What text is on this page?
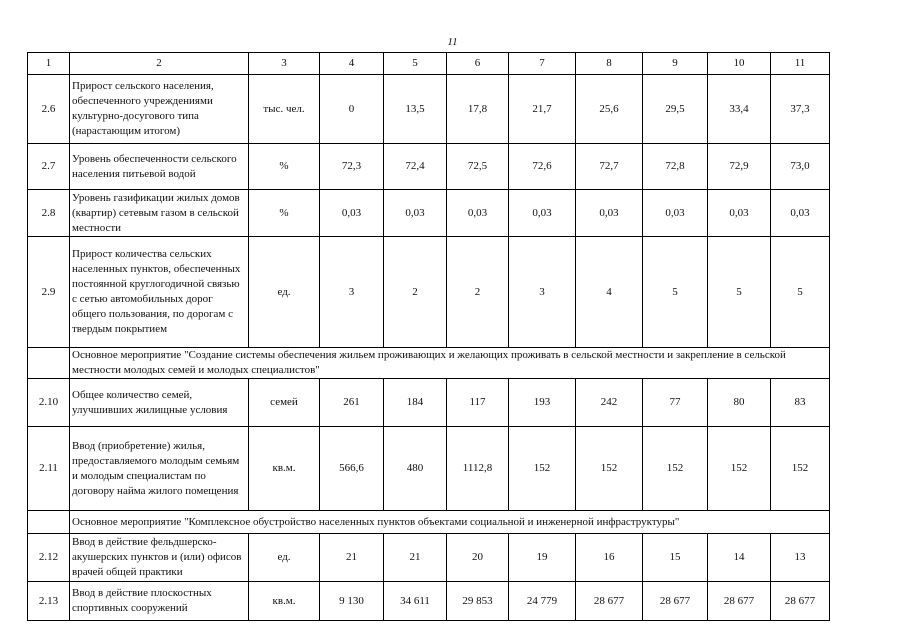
11
1	2	3	4	5	6	7	8	9	10	11
2.6	Прирост сельского населения, обеспеченного учреждениями культурно-досугового типа (нарастающим итогом)	тыс. чел.	0	13,5	17,8	21,7	25,6	29,5	33,4	37,3
2.7	Уровень обеспеченности сельского населения питьевой водой	%	72,3	72,4	72,5	72,6	72,7	72,8	72,9	73,0
2.8	Уровень газификации жилых домов (квартир) сетевым газом в сельской местности	%	0,03	0,03	0,03	0,03	0,03	0,03	0,03	0,03
2.9	Прирост количества сельских населенных пунктов, обеспеченных постоянной круглогодичной связью с сетью автомобильных дорог общего пользования, по дорогам с твердым покрытием	ед.	3	2	2	3	4	5	5	5
	Основное мероприятие "Создание системы обеспечения жильем проживающих и желающих проживать в сельской местности и закрепление в сельской местности молодых семей и молодых специалистов"									
2.10	Общее количество семей, улучшивших жилищные условия	семей	261	184	117	193	242	77	80	83
2.11	Ввод (приобретение) жилья, предоставляемого молодым семьям и молодым специалистам по договору найма жилого помещения	кв.м.	566,6	480	1112,8	152	152	152	152	152
	Основное мероприятие "Комплексное обустройство населенных пунктов объектами социальной и инженерной инфраструктуры"									
2.12	Ввод в действие фельдшерско-акушерских пунктов и (или) офисов врачей общей практики	ед.	21	21	20	19	16	15	14	13
2.13	Ввод в действие плоскостных спортивных сооружений	кв.м.	9 130	34 611	29 853	24 779	28 677	28 677	28 677	28 677
